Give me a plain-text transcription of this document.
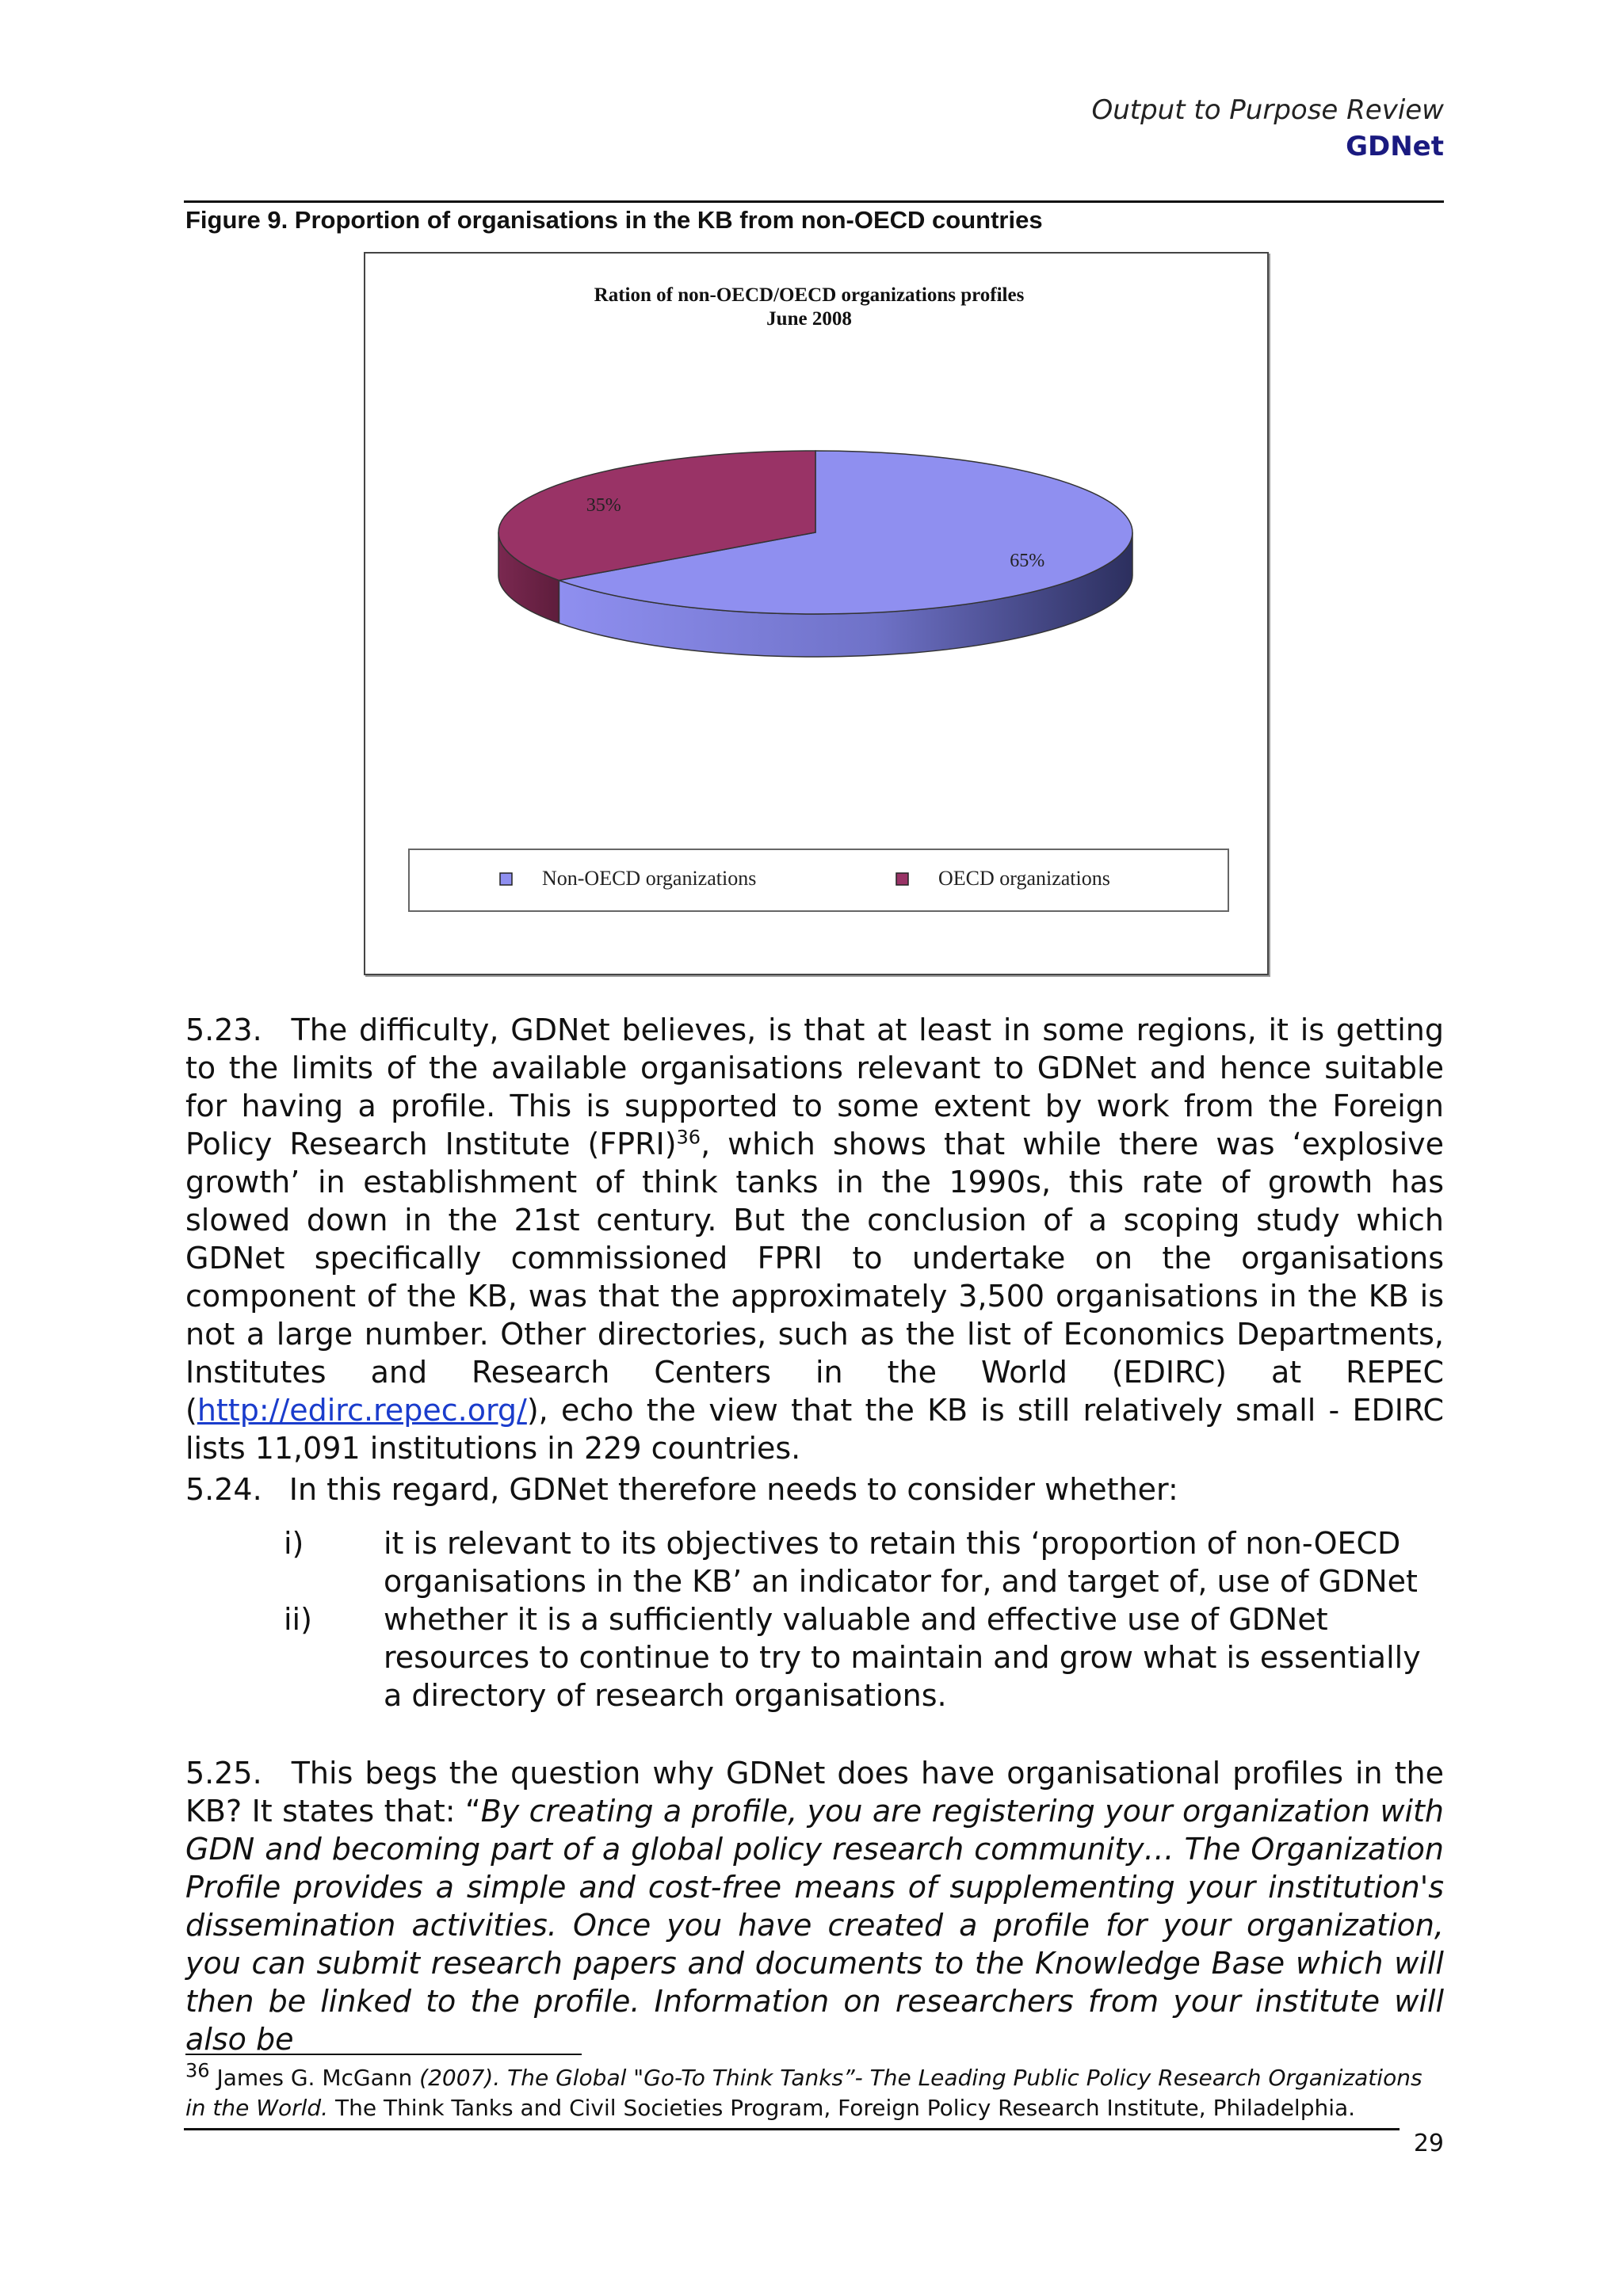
Output to Purpose Review
GDNet
Figure 9. Proportion of organisations in the KB from non-OECD countries
Ration of non-OECD/OECD organizations profiles
June 2008
65%
35%
Non-OECD organizations	OECD organizations
5.23. The difficulty, GDNet believes, is that at least in some regions, it is getting to the limits of the available organisations relevant to GDNet and hence suitable for having a profile. This is supported to some extent by work from the Foreign Policy Research Institute (FPRI)$^{36}$, which shows that while there was ‘explosive growth’ in establishment of think tanks in the 1990s, this rate of growth has slowed down in the 21st century. But the conclusion of a scoping study which GDNet specifically commissioned FPRI to undertake on the organisations component of the KB, was that the approximately 3,500 organisations in the KB is not a large number. Other directories, such as the list of Economics Departments, Institutes and Research Centers in the World (EDIRC) at REPEC (http://edirc.repec.org/), echo the view that the KB is still relatively small - EDIRC lists 11,091 institutions in 229 countries.
5.24. In this regard, GDNet therefore needs to consider whether:
i)	it is relevant to its objectives to retain this ‘proportion of non-OECD organisations in the KB’ an indicator for, and target of, use of GDNet
ii)	whether it is a sufficiently valuable and effective use of GDNet resources to continue to try to maintain and grow what is essentially a directory of research organisations.
5.25. This begs the question why GDNet does have organisational profiles in the KB? It states that: “By creating a profile, you are registering your organization with GDN and becoming part of a global policy research community… The Organization Profile provides a simple and cost-free means of supplementing your institution's dissemination activities. Once you have created a profile for your organization, you can submit research papers and documents to the Knowledge Base which will then be linked to the profile. Information on researchers from your institute will also be
$^{36}$ James G. McGann (2007). The Global "Go-To Think Tanks”- The Leading Public Policy Research Organizations in the World. The Think Tanks and Civil Societies Program, Foreign Policy Research Institute, Philadelphia.
29
